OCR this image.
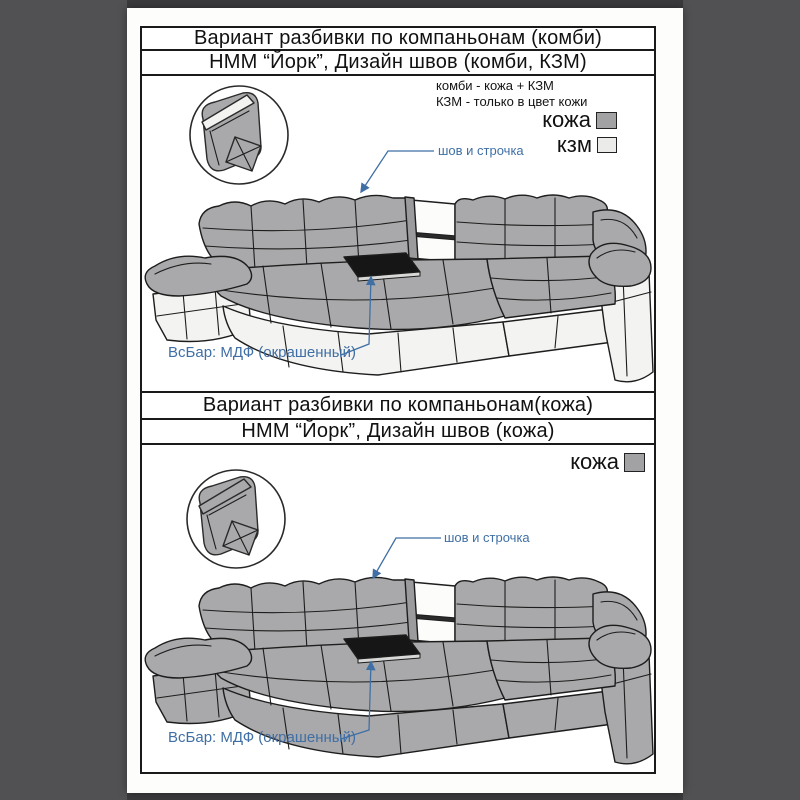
Вариант разбивки по компаньонам (комби)
НММ “Йорк”, Дизайн швов (комби, КЗМ)
комби - кожа + КЗМ
КЗМ - только в цвет кожи
кожа
кзм
шов и строчка
ВсБар: МДФ (окрашенный)
Вариант разбивки по компаньонам(кожа)
НММ “Йорк”, Дизайн швов (кожа)
кожа
шов и строчка
ВсБар: МДФ (окрашенный)
